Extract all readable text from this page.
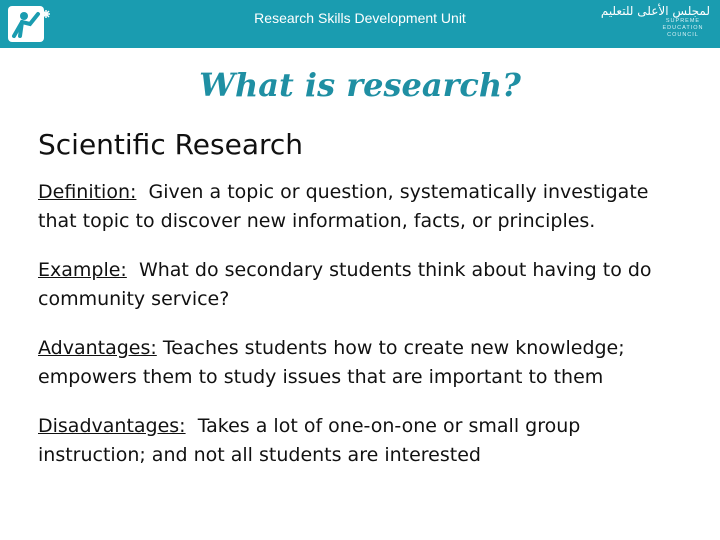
Research Skills Development Unit	لمجلس الأعلى للتعليم
SUPREME
EDUCATION
COUNCIL
What is research?
Scientific Research

Definition: Given a topic or question, systematically investigate that topic to discover new information, facts, or principles.

Example: What do secondary students think about having to do community service?

Advantages: Teaches students how to create new knowledge; empowers them to study issues that are important to them

Disadvantages: Takes a lot of one-on-one or small group instruction; and not all students are interested
